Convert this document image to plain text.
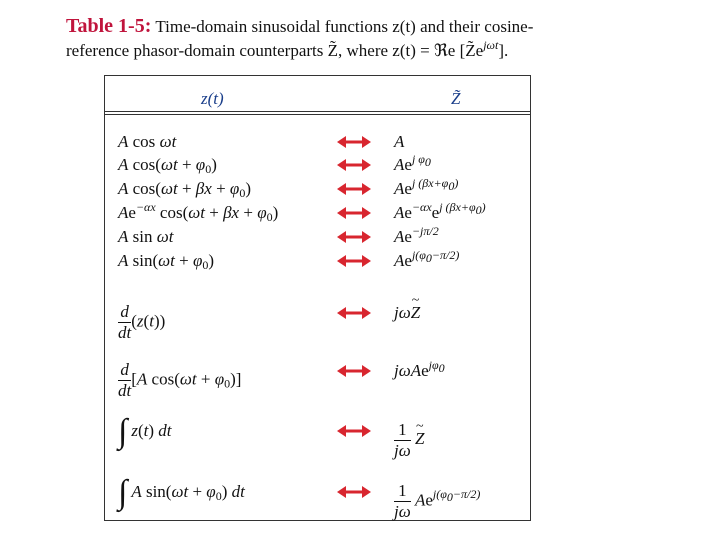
Table 1-5: Time-domain sinusoidal functions z(t) and their cosine-
reference phasor-domain counterparts Z̃, where z(t) = ℜe $[Z̃e^{j\omega t}]$.
z(t)	Z̃
A cos ωt	A
A $\cos(\omega t + \varphi_0)$	$Ae^{j \varphi_0}$
A $\cos(\omega t + \beta x + \varphi_0)$	$Ae^{j (\beta x+\varphi_0)}$
$Ae^{-\alpha x}$ $\cos(\omega t + \beta x + \varphi_0)$	$Ae^{-\alpha x}e^{j (\beta x+\varphi_0)}$
A sin ωt	$Ae^{-j\pi/2}$
A $\sin(\omega t + \varphi_0)$	$Ae^{j(\varphi_0-\pi/2)}$
$\frac{d}{dt} (z(t))$	jω~ Z
$\frac{d}{dt} [A$ $\cos(\omega t + \varphi_0)$]	jωAe$^{j\varphi_0}$
∫ z(t) dt	$\frac{1}{j\omega}$
~ Z
∫ A $\sin(\omega t + \varphi_0)$ dt	$\frac{1}{j\omega} Ae^{j(\varphi_0-\pi/2)}$
